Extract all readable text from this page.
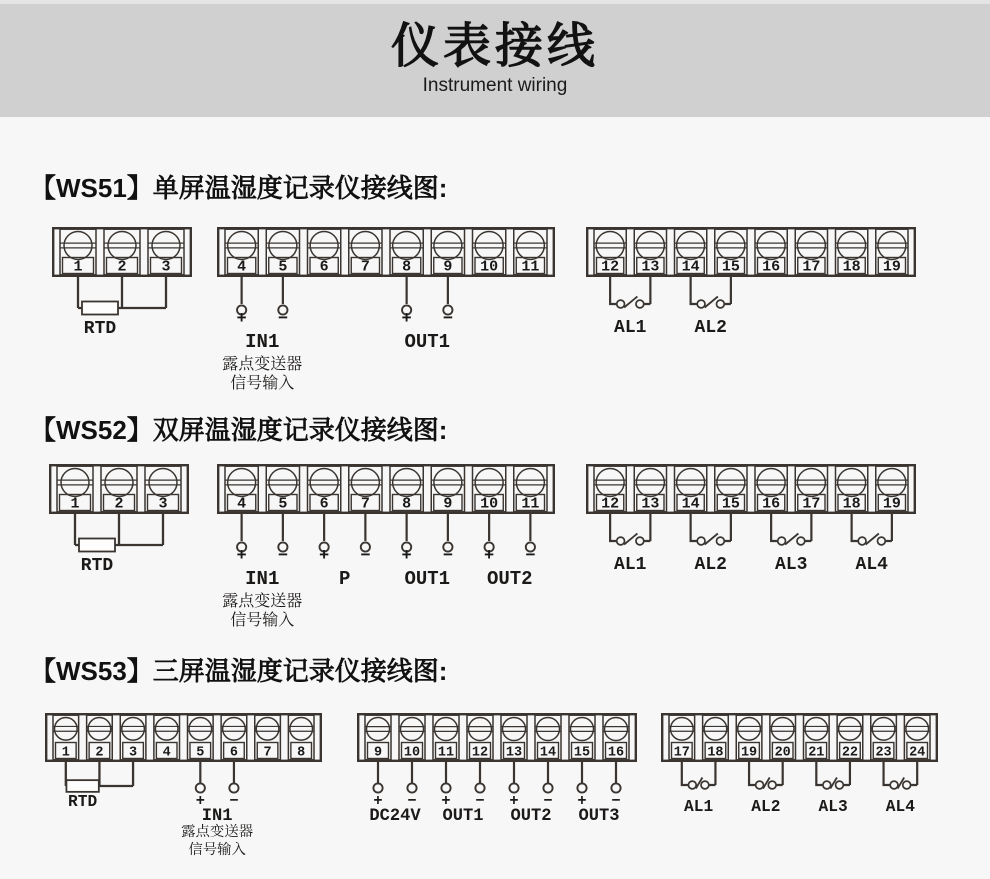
仪表接线
Instrument wiring
【WS51】单屏温湿度记录仪接线图:
【WS52】双屏温湿度记录仪接线图:
【WS53】三屏温湿度记录仪接线图:
1 2 3
RTD
4 5 6 7 8 9 10 11
+ −
IN1
露点变送器
信号输入
+ −
OUT1
12 13 14 15 16 17 18 19
AL1	AL2
1 2 3
RTD
4 5 6 7 8 9 10 11
+ −
IN1
露点变送器
信号输入
+ −
P
+ −
OUT1
+ −
OUT2
12 13 14 15 16 17 18 19
AL1	AL2	AL3	AL4
1 2 3 4 5 6 7 8
RTD	+ −
IN1
露点变送器
信号输入
9 10 11 12 13 14 15 16
+ −
DC24V
+ −
OUT1
+ −
OUT2
+ −
OUT3
17 18 19 20 21 22 23 24
AL1 AL2 AL3 AL4
